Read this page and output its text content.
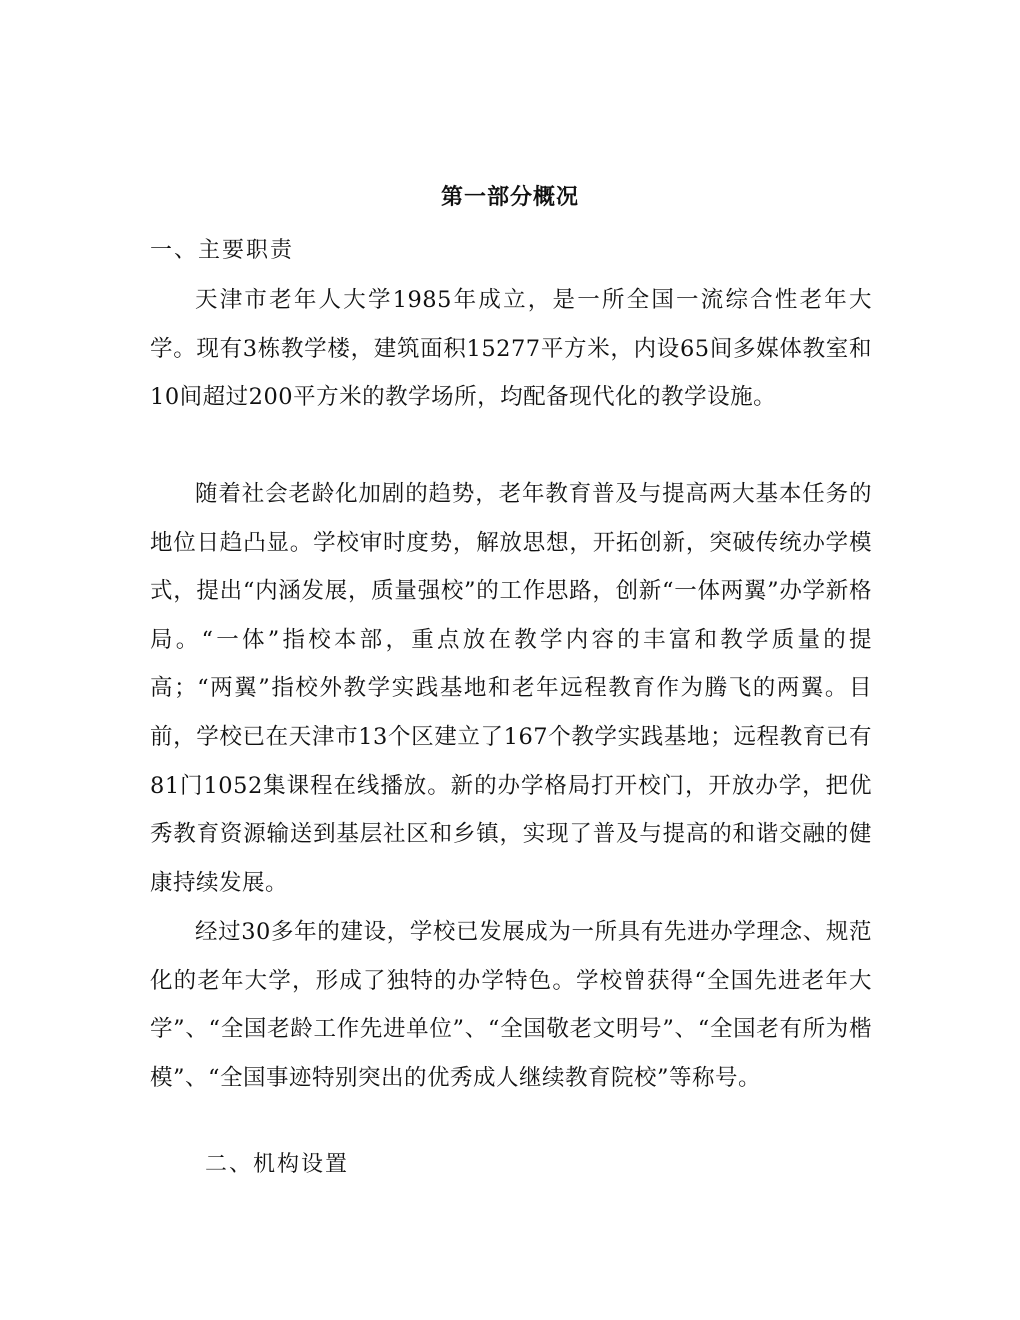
第一部分概况
一、主要职责

天津市老年人大学1985年成立，是一所全国一流综合性老年大学。现有3栋教学楼，建筑面积15277平方米，内设65间多媒体教室和10间超过200平方米的教学场所，均配备现代化的教学设施。

随着社会老龄化加剧的趋势，老年教育普及与提高两大基本任务的地位日趋凸显。学校审时度势，解放思想，开拓创新，突破传统办学模式，提出“内涵发展，质量强校”的工作思路，创新“一体两翼”办学新格局。“一体”指校本部，重点放在教学内容的丰富和教学质量的提高；“两翼”指校外教学实践基地和老年远程教育作为腾飞的两翼。目前，学校已在天津市13个区建立了167个教学实践基地；远程教育已有81门1052集课程在线播放。新的办学格局打开校门，开放办学，把优秀教育资源输送到基层社区和乡镇，实现了普及与提高的和谐交融的健康持续发展。

经过30多年的建设，学校已发展成为一所具有先进办学理念、规范化的老年大学，形成了独特的办学特色。学校曾获得“全国先进老年大学”、“全国老龄工作先进单位”、“全国敬老文明号”、“全国老有所为楷模”、“全国事迹特别突出的优秀成人继续教育院校”等称号。

二、机构设置
